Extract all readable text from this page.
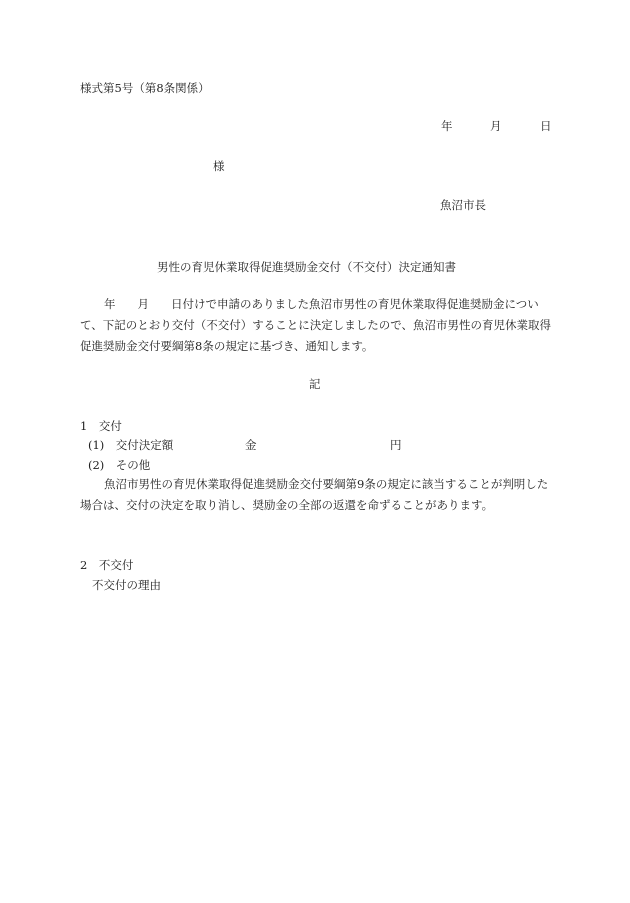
様式第5号（第8条関係）
年	月	日
様
魚沼市長
男性の育児休業取得促進奨励金交付（不交付）決定通知書
年 月 日付けで申請のありました魚沼市男性の育児休業取得促進奨励金について、下記のとおり交付（不交付）することに決定しましたので、魚沼市男性の育児休業取得促進奨励金交付要綱第8条の規定に基づき、通知します。
記
1　交付
(1)　交付決定額	金	円
(2)　その他
魚沼市男性の育児休業取得促進奨励金交付要綱第9条の規定に該当することが判明した場合は、交付の決定を取り消し、奨励金の全部の返還を命ずることがあります。
2　不交付
不交付の理由
